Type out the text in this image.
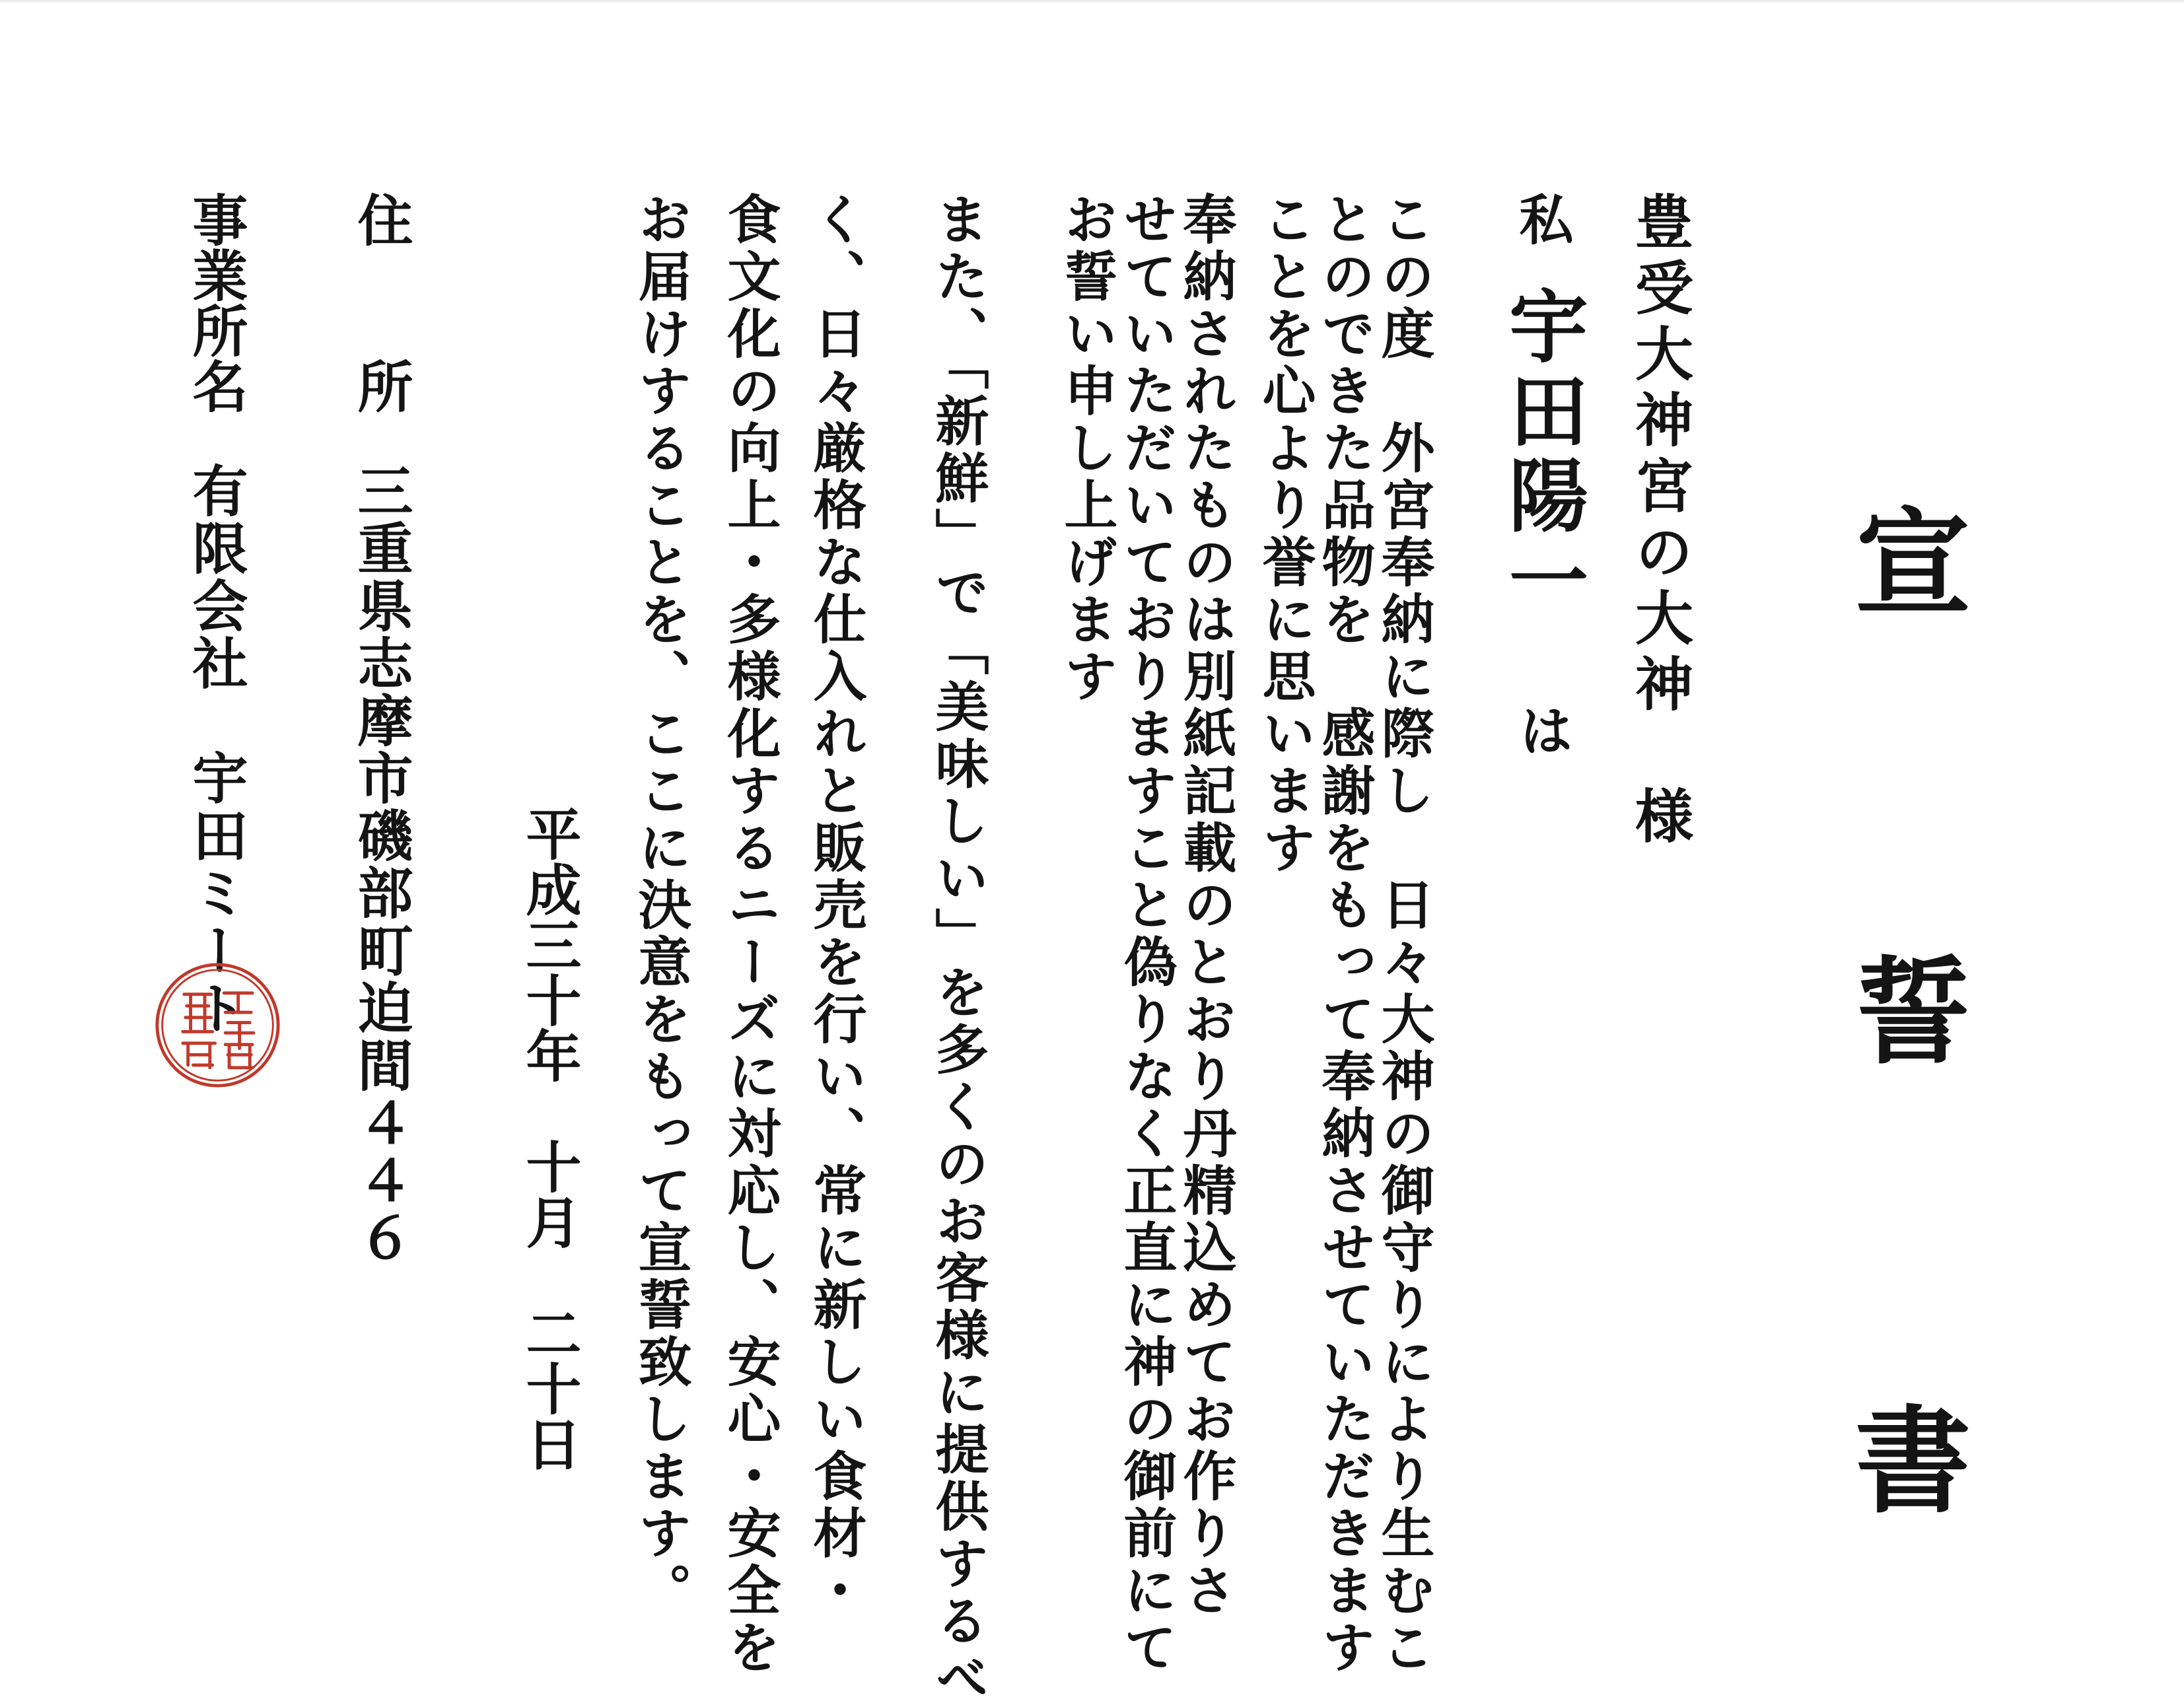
宣 誓 書
豊受大神宮の大神　様
私宇田陽一は
この度　外宮奉納に際し　日々大神の御守りにより生むこ
とのできた品物を　感謝をもって奉納させていただきます
ことを心より誉に思います
奉納されたものは別紙記載のとおり丹精込めてお作りさ
せていただいておりますこと偽りなく正直に神の御前にて
お誓い申し上げます
また、「新鮮」で「美味しい」を多くのお客様に提供するべ
く、日々厳格な仕入れと販売を行い、常に新しい食材・
食文化の向上・多様化するニーズに対応し、安心・安全を
お届けすることを、ここに決意をもって宣誓致します。
平成三十年　十月　二十日
住　　所
三重県志摩市磯部町迫間４４６
事業所名
有限会社　宇田ミート
